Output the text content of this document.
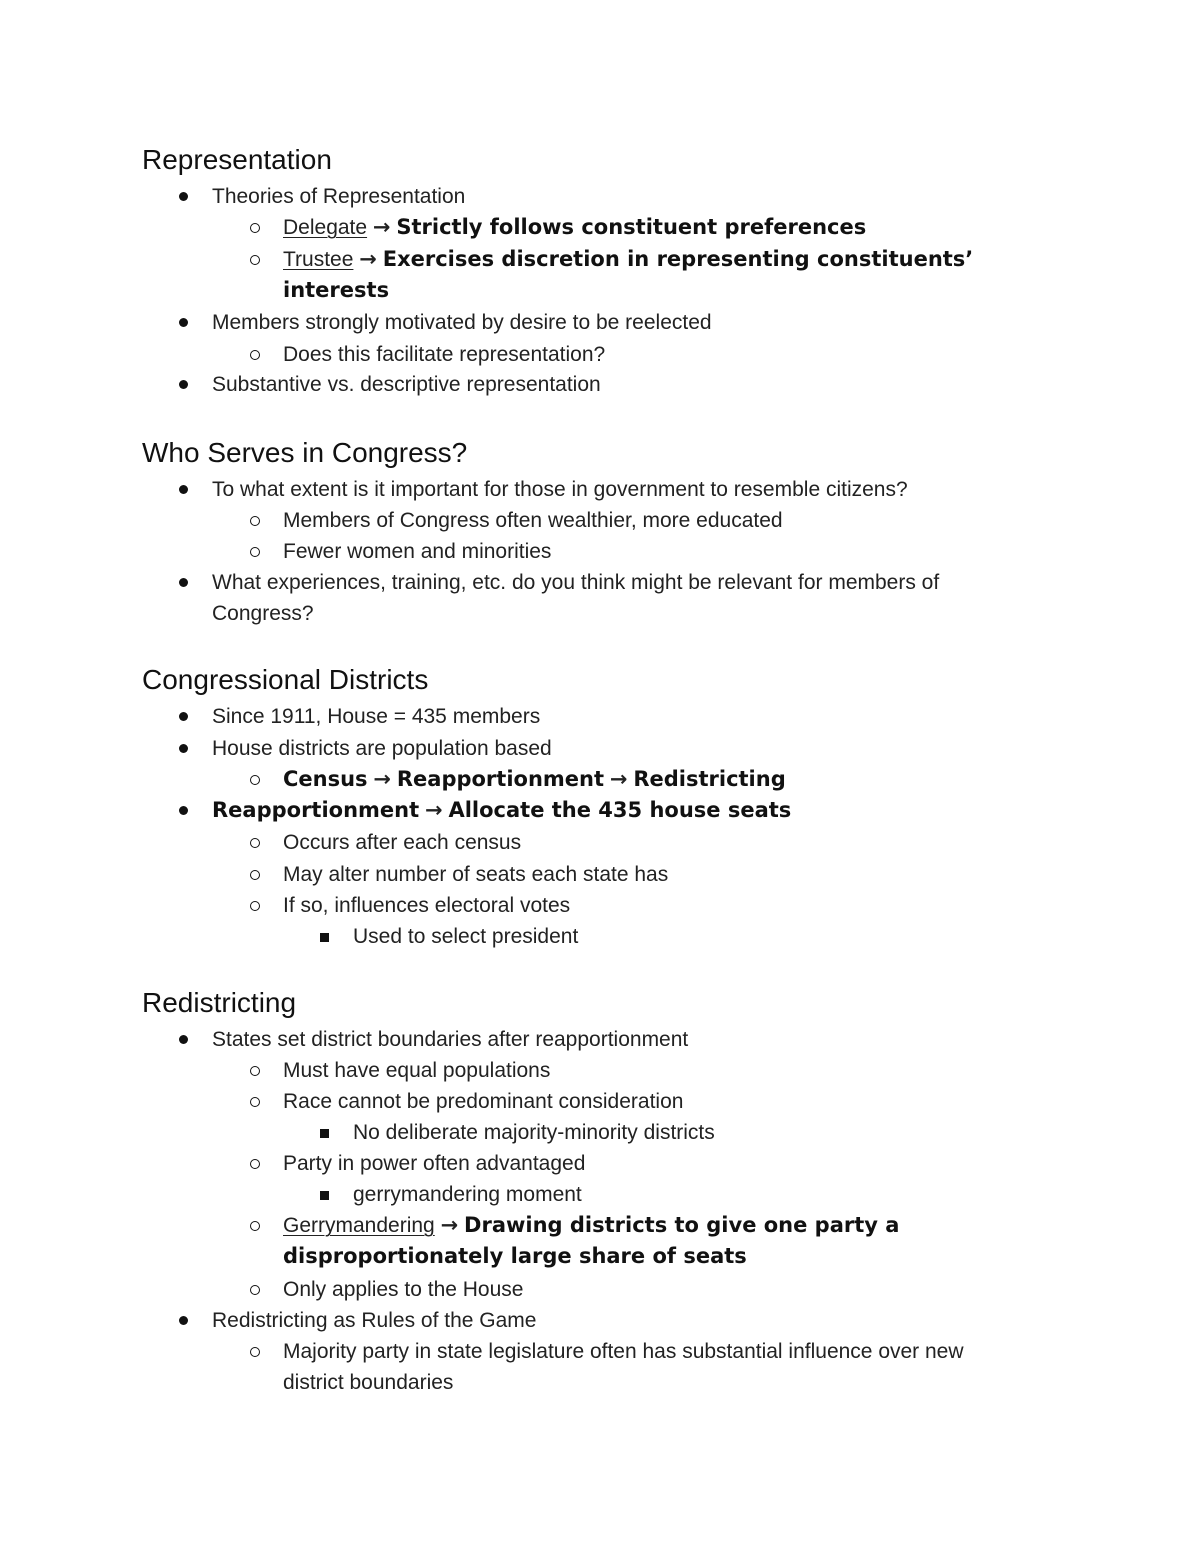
Representation
Theories of Representation
Delegate → Strictly follows constituent preferences
Trustee → Exercises discretion in representing constituents’
interests
Members strongly motivated by desire to be reelected
Does this facilitate representation?
Substantive vs. descriptive representation
Who Serves in Congress?
To what extent is it important for those in government to resemble citizens?
Members of Congress often wealthier, more educated
Fewer women and minorities
What experiences, training, etc. do you think might be relevant for members of
Congress?
Congressional Districts
Since 1911, House = 435 members
House districts are population based
Census → Reapportionment → Redistricting
Reapportionment → Allocate the 435 house seats
Occurs after each census
May alter number of seats each state has
If so, influences electoral votes
Used to select president
Redistricting
States set district boundaries after reapportionment
Must have equal populations
Race cannot be predominant consideration
No deliberate majority-minority districts
Party in power often advantaged
gerrymandering moment
Gerrymandering → Drawing districts to give one party a
disproportionately large share of seats
Only applies to the House
Redistricting as Rules of the Game
Majority party in state legislature often has substantial influence over new
district boundaries
